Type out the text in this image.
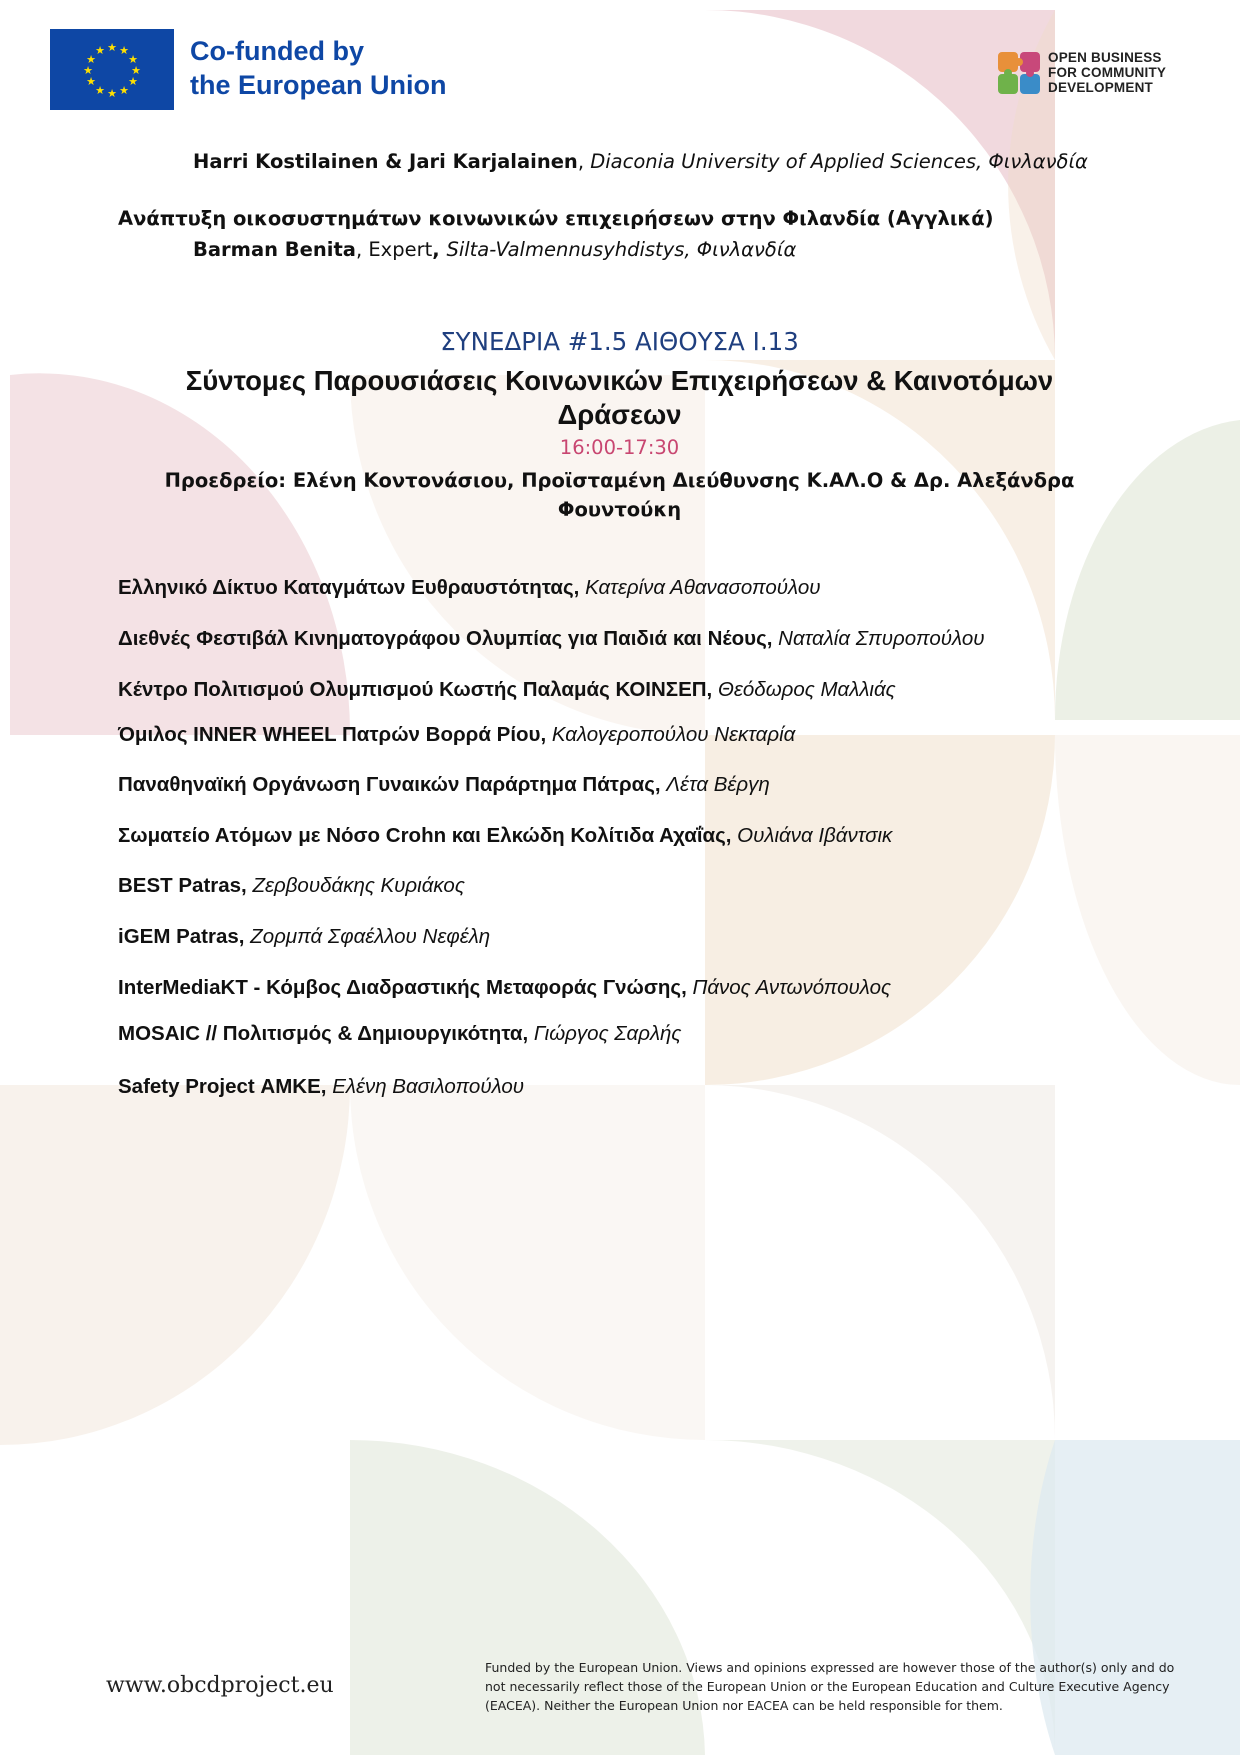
★ ★
★
★
★
★
★
★
★
★
★
★	Co-funded by
the European Union
OPEN BUSINESS
FOR COMMUNITY
DEVELOPMENT
Harri Kostilainen & Jari Karjalainen, Diaconia University of Applied Sciences, Φινλανδία
Ανάπτυξη οικοσυστημάτων κοινωνικών επιχειρήσεων στην Φιλανδία (Αγγλικά)
Barman Benita, Expert, Silta-Valmennusyhdistys, Φινλανδία
ΣΥΝΕΔΡΙΑ #1.5 ΑΙΘΟΥΣΑ Ι.13
Σύντομες Παρουσιάσεις Κοινωνικών Επιχειρήσεων & Καινοτόμων
Δράσεων
16:00-17:30
Προεδρείο: Ελένη Κοντονάσιου, Προϊσταμένη Διεύθυνσης Κ.ΑΛ.Ο & Δρ. Αλεξάνδρα
Φουντούκη
Ελληνικό Δίκτυο Καταγμάτων Ευθραυστότητας, Κατερίνα Αθανασοπούλου
Διεθνές Φεστιβάλ Κινηματογράφου Ολυμπίας για Παιδιά και Νέους, Ναταλία Σπυροπούλου
Κέντρο Πολιτισμού Ολυμπισμού Κωστής Παλαμάς ΚΟΙΝΣΕΠ, Θεόδωρος Μαλλιάς
Όμιλος INNER WHEEL Πατρών Βορρά Ρίου, Καλογεροπούλου Νεκταρία
Παναθηναϊκή Οργάνωση Γυναικών Παράρτημα Πάτρας, Λέτα Βέργη
Σωματείο Ατόμων με Νόσο Crohn και Ελκώδη Κολίτιδα Αχαΐας, Ουλιάνα Ιβάντσικ
BEST Patras, Ζερβουδάκης Κυριάκος
iGEM Patras, Ζορμπά Σφαέλλου Νεφέλη
InterMediaKT - Κόμβος Διαδραστικής Μεταφοράς Γνώσης, Πάνος Αντωνόπουλος
MOSAIC // Πολιτισμός & Δημιουργικότητα, Γιώργος Σαρλής
Safety Project ΑΜΚΕ, Ελένη Βασιλοπούλου
www.obcdproject.eu
Funded by the European Union. Views and opinions expressed are however those of the author(s) only and do not necessarily reflect those of the European Union or the European Education and Culture Executive Agency (EACEA). Neither the European Union nor EACEA can be held responsible for them.
